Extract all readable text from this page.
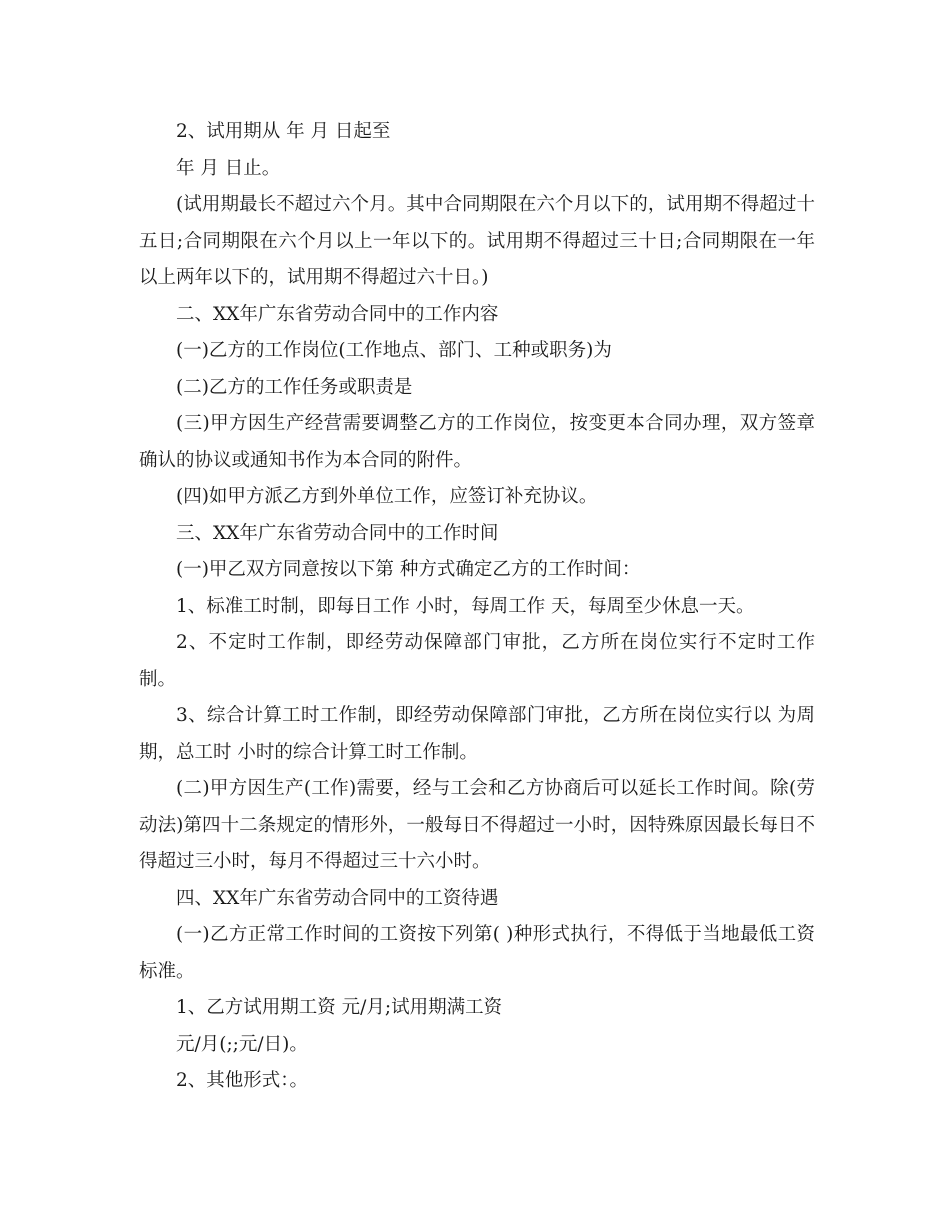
2、试用期从 年 月 日起至

年 月 日止。

(试用期最长不超过六个月。其中合同期限在六个月以下的，试用期不得超过十五日;合同期限在六个月以上一年以下的。试用期不得超过三十日;合同期限在一年以上两年以下的，试用期不得超过六十日。)

二、XX年广东省劳动合同中的工作内容

(一)乙方的工作岗位(工作地点、部门、工种或职务)为

(二)乙方的工作任务或职责是

(三)甲方因生产经营需要调整乙方的工作岗位，按变更本合同办理，双方签章确认的协议或通知书作为本合同的附件。

(四)如甲方派乙方到外单位工作，应签订补充协议。

三、XX年广东省劳动合同中的工作时间

(一)甲乙双方同意按以下第 种方式确定乙方的工作时间：

1、标准工时制，即每日工作 小时，每周工作 天，每周至少休息一天。

2、不定时工作制，即经劳动保障部门审批，乙方所在岗位实行不定时工作制。

3、综合计算工时工作制，即经劳动保障部门审批，乙方所在岗位实行以 为周期，总工时 小时的综合计算工时工作制。

(二)甲方因生产(工作)需要，经与工会和乙方协商后可以延长工作时间。除(劳动法)第四十二条规定的情形外，一般每日不得超过一小时，因特殊原因最长每日不得超过三小时，每月不得超过三十六小时。

四、XX年广东省劳动合同中的工资待遇

(一)乙方正常工作时间的工资按下列第( )种形式执行，不得低于当地最低工资标准。

1、乙方试用期工资 元/月;试用期满工资

元/月(;;元/日)。

2、其他形式：。
